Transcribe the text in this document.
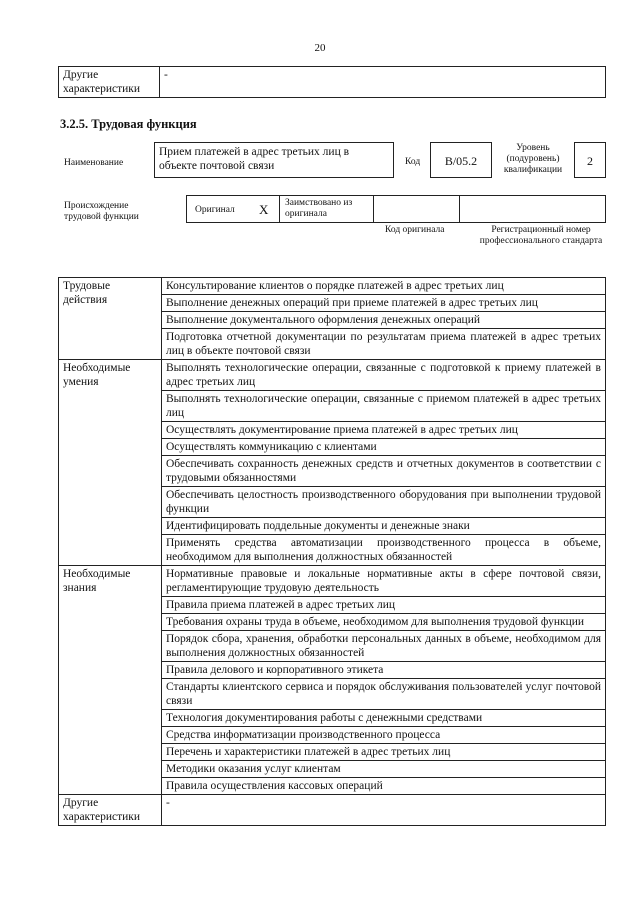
20
Другие характеристики	-
3.2.5. Трудовая функция
Наименование
Прием платежей в адрес третьих лиц в объекте почтовой связи	Код	B/05.2
Уровень (подуровень) квалификации
2
Происхождение трудовой функции
Оригинал X Заимствовано из оригинала
Код оригинала	Регистрационный номер профессионального стандарта
Трудовые действия	Консультирование клиентов о порядке платежей в адрес третьих лиц
	Выполнение денежных операций при приеме платежей в адрес третьих лиц
	Выполнение документального оформления денежных операций
	Подготовка отчетной документации по результатам приема платежей в адрес третьих лиц в объекте почтовой связи
Необходимые умения	Выполнять технологические операции, связанные с подготовкой к приему платежей в адрес третьих лиц
	Выполнять технологические операции, связанные с приемом платежей в адрес третьих лиц
	Осуществлять документирование приема платежей в адрес третьих лиц
	Осуществлять коммуникацию с клиентами
	Обеспечивать сохранность денежных средств и отчетных документов в соответствии с трудовыми обязанностями
	Обеспечивать целостность производственного оборудования при выполнении трудовой функции
	Идентифицировать поддельные документы и денежные знаки
	Применять средства автоматизации производственного процесса в объеме, необходимом для выполнения должностных обязанностей
Необходимые знания	Нормативные правовые и локальные нормативные акты в сфере почтовой связи, регламентирующие трудовую деятельность
	Правила приема платежей в адрес третьих лиц
	Требования охраны труда в объеме, необходимом для выполнения трудовой функции
	Порядок сбора, хранения, обработки персональных данных в объеме, необходимом для выполнения должностных обязанностей
	Правила делового и корпоративного этикета
	Стандарты клиентского сервиса и порядок обслуживания пользователей услуг почтовой связи
	Технология документирования работы с денежными средствами
	Средства информатизации производственного процесса
	Перечень и характеристики платежей в адрес третьих лиц
	Методики оказания услуг клиентам
	Правила осуществления кассовых операций
Другие характеристики	-
